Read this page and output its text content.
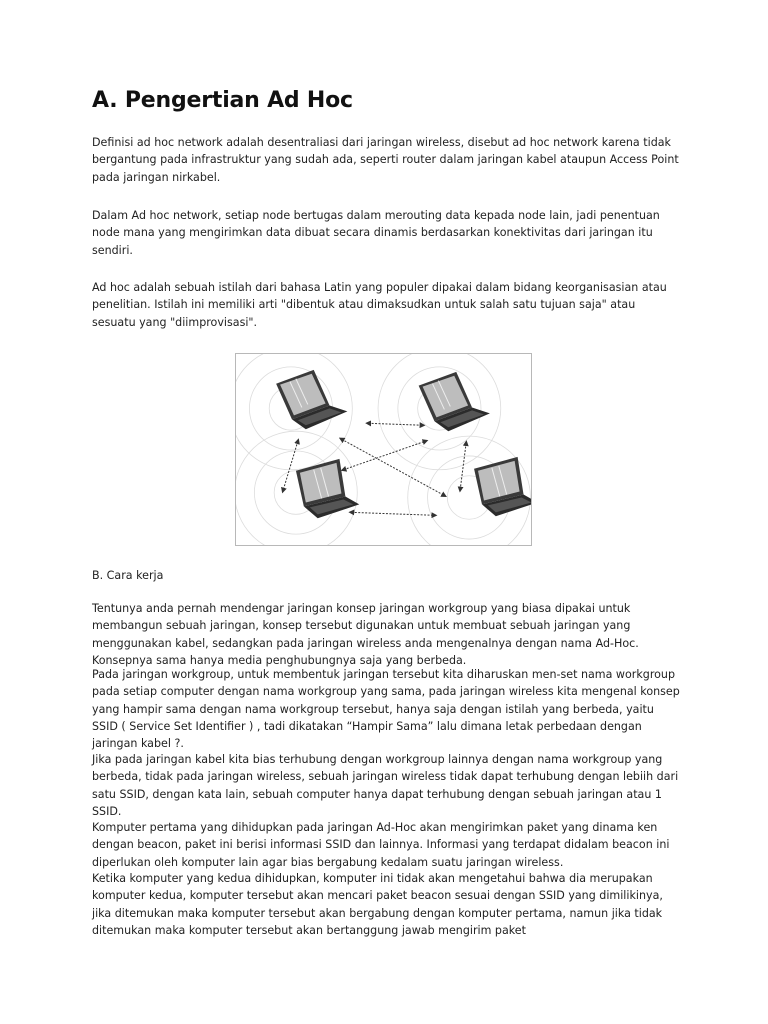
A. Pengertian Ad Hoc

Definisi ad hoc network adalah desentraliasi dari jaringan wireless, disebut ad hoc network karena tidak bergantung pada infrastruktur yang sudah ada, seperti router dalam jaringan kabel ataupun Access Point pada jaringan nirkabel.

Dalam Ad hoc network, setiap node bertugas dalam merouting data kepada node lain, jadi penentuan node mana yang mengirimkan data dibuat secara dinamis berdasarkan konektivitas dari jaringan itu sendiri.

Ad hoc adalah sebuah istilah dari bahasa Latin yang populer dipakai dalam bidang keorganisasian atau penelitian. Istilah ini memiliki arti "dibentuk atau dimaksudkan untuk salah satu tujuan saja" atau sesuatu yang "diimprovisasi".

B. Cara kerja

Tentunya anda pernah mendengar jaringan konsep jaringan workgroup yang biasa dipakai untuk membangun sebuah jaringan, konsep tersebut digunakan untuk membuat sebuah jaringan yang menggunakan kabel, sedangkan pada jaringan wireless anda mengenalnya dengan nama Ad-Hoc. Konsepnya sama hanya media penghubungnya saja yang berbeda.

Pada jaringan workgroup, untuk membentuk jaringan tersebut kita diharuskan men-set nama workgroup pada setiap computer dengan nama workgroup yang sama, pada jaringan wireless kita mengenal konsep yang hampir sama dengan nama workgroup tersebut, hanya saja dengan istilah yang berbeda, yaitu SSID ( Service Set Identifier ) , tadi dikatakan “Hampir Sama” lalu dimana letak perbedaan dengan jaringan kabel ?.

Jika pada jaringan kabel kita bias terhubung dengan workgroup lainnya dengan nama workgroup yang berbeda, tidak pada jaringan wireless, sebuah jaringan wireless tidak dapat terhubung dengan lebiih dari satu SSID, dengan kata lain, sebuah computer hanya dapat terhubung dengan sebuah jaringan atau 1 SSID.

Komputer pertama yang dihidupkan pada jaringan Ad-Hoc akan mengirimkan paket yang dinama ken dengan beacon, paket ini berisi informasi SSID dan lainnya. Informasi yang terdapat didalam beacon ini diperlukan oleh komputer lain agar bias bergabung kedalam suatu jaringan wireless.

Ketika komputer yang kedua dihidupkan, komputer ini tidak akan mengetahui bahwa dia merupakan komputer kedua, komputer tersebut akan mencari paket beacon sesuai dengan SSID yang dimilikinya, jika ditemukan maka komputer tersebut akan bergabung dengan komputer pertama, namun jika tidak ditemukan maka komputer tersebut akan bertanggung jawab mengirim paket
